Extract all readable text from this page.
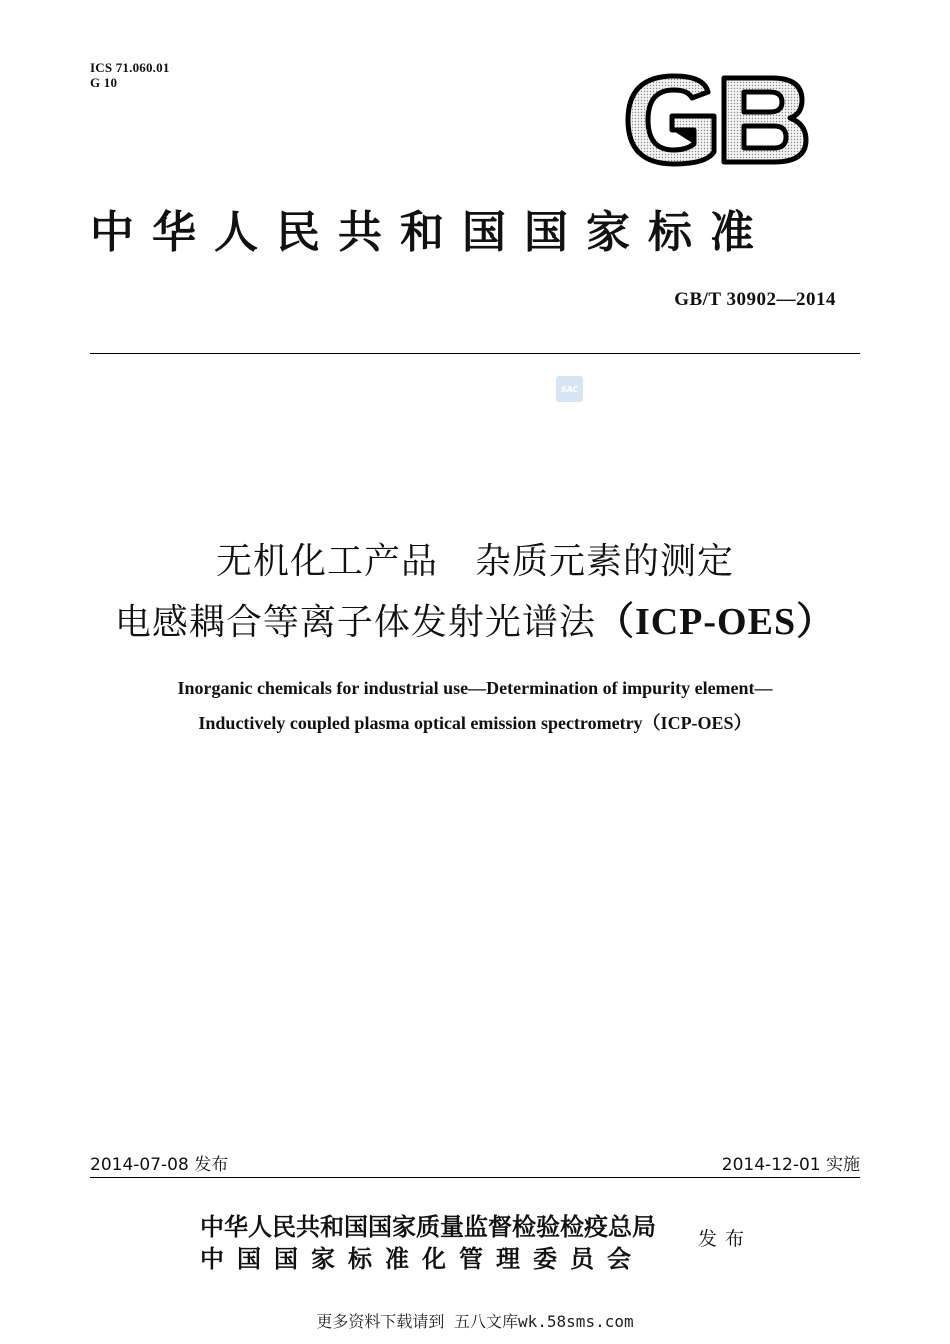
ICS 71.060.01
G 10
GB
中华人民共和国国家标准
GB/T 30902—2014
SAC
无机化工产品　杂质元素的测定
电感耦合等离子体发射光谱法（ICP-OES）
Inorganic chemicals for industrial use—Determination of impurity element—
Inductively coupled plasma optical emission spectrometry（ICP-OES）
2014-07-08 发布	2014-12-01 实施
中华人民共和国国家质量监督检验检疫总局
中国国家标准化管理委员会
发布
更多资料下载请到 五八文库wk.58sms.com
